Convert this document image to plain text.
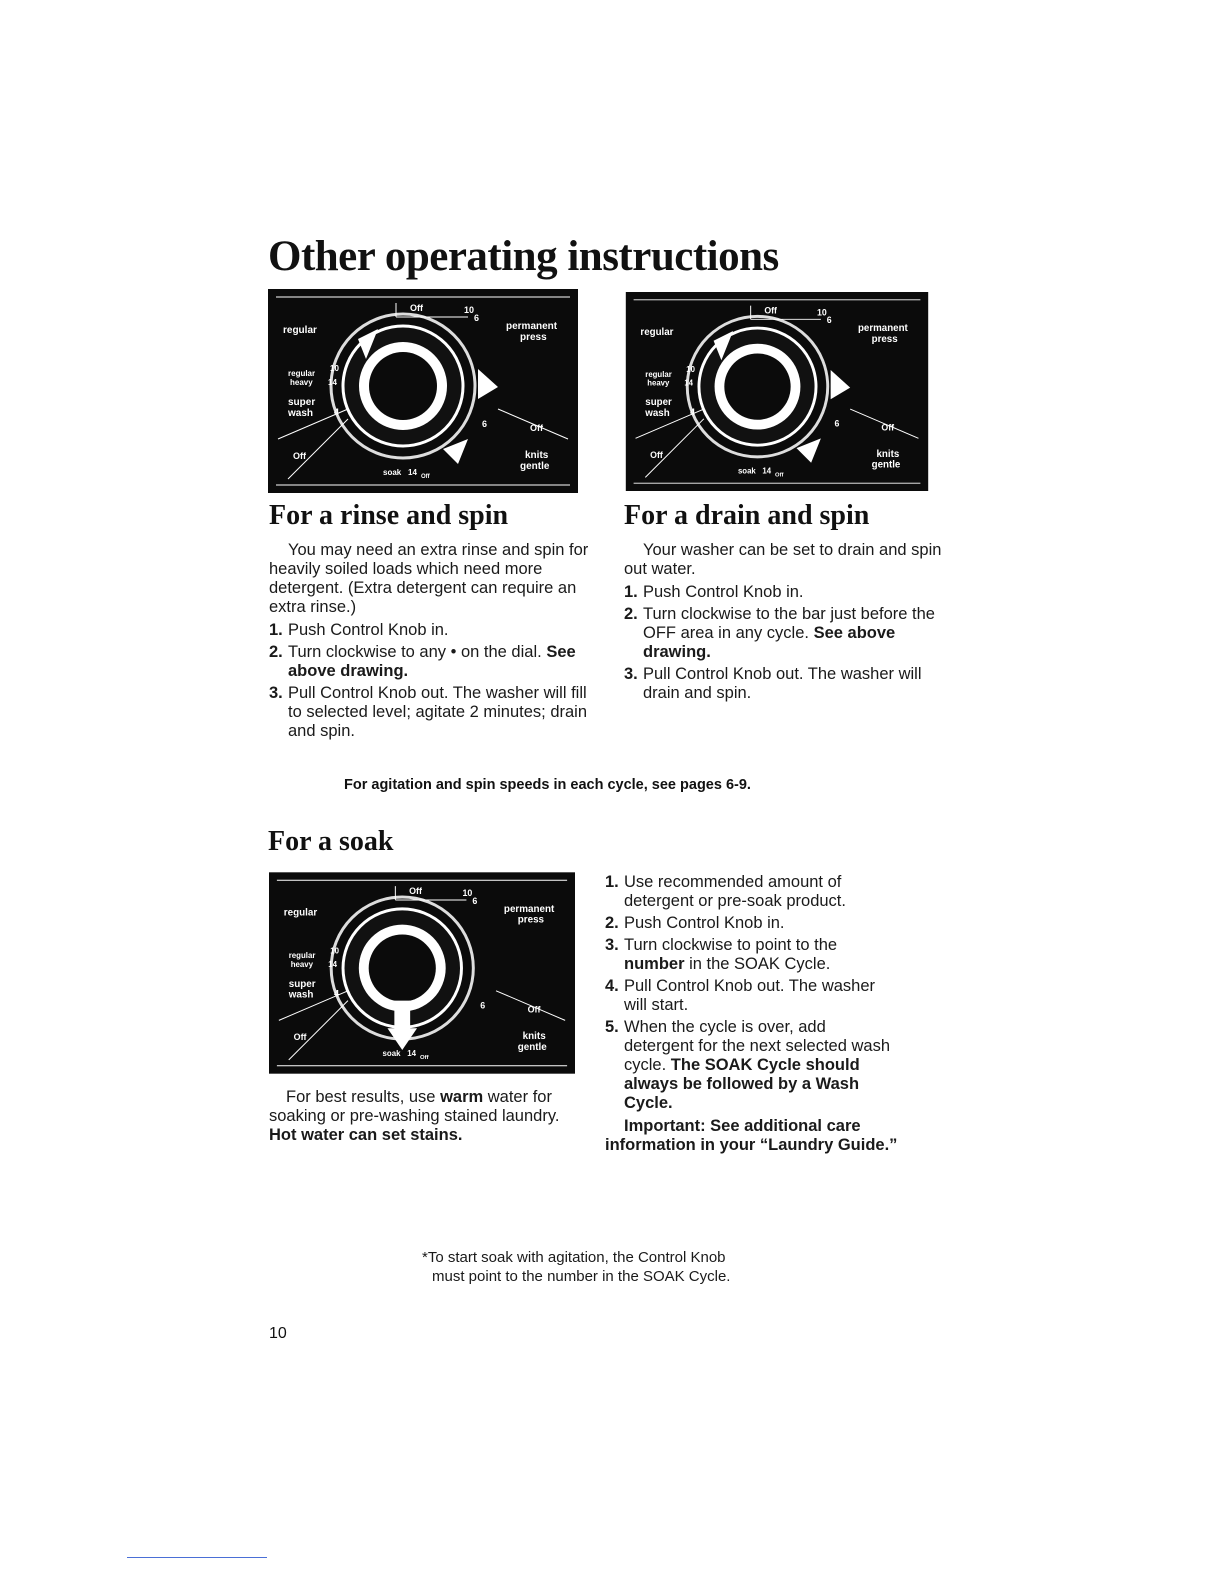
Other operating instructions
Off	10
6
regular	permanent
press
regular
heavy
10
14
super
wash 4
Off
soak 14 Off
6	Off
knits
gentle
Off	10
6
regular	permanent
press
regular
heavy
10
14
super
wash 4
Off
soak 14 Off
6	Off
knits
gentle
For a rinse and spin

You may need an extra rinse and spin for heavily soiled loads which need more detergent. (Extra detergent can require an extra rinse.)

1. Push Control Knob in.
2. Turn clockwise to any • on the dial. See above drawing.
3. Pull Control Knob out. The washer will fill to selected level; agitate 2 minutes; drain and spin.
For a drain and spin

Your washer can be set to drain and spin out water.

1. Push Control Knob in.
2. Turn clockwise to the bar just before the OFF area in any cycle. See above drawing.
3. Pull Control Knob out. The washer will drain and spin.
For agitation and spin speeds in each cycle, see pages 6-9.
For a soak
Off	10
6
regular	permanent
press
regular
heavy
10
14
super
wash 4
Off
soak 14 Off
6	Off
knits
gentle

For best results, use warm water for soaking or pre-washing stained laundry. Hot water can set stains.

1. Use recommended amount of detergent or pre-soak product.
2. Push Control Knob in.
3. Turn clockwise to point to the number in the SOAK Cycle.
4. Pull Control Knob out. The washer will start.
5. When the cycle is over, add detergent for the next selected wash cycle. The SOAK Cycle should always be followed by a Wash Cycle.

Important: See additional care information in your “Laundry Guide.”

*To start soak with agitation, the Control Knob
must point to the number in the SOAK Cycle.
10
